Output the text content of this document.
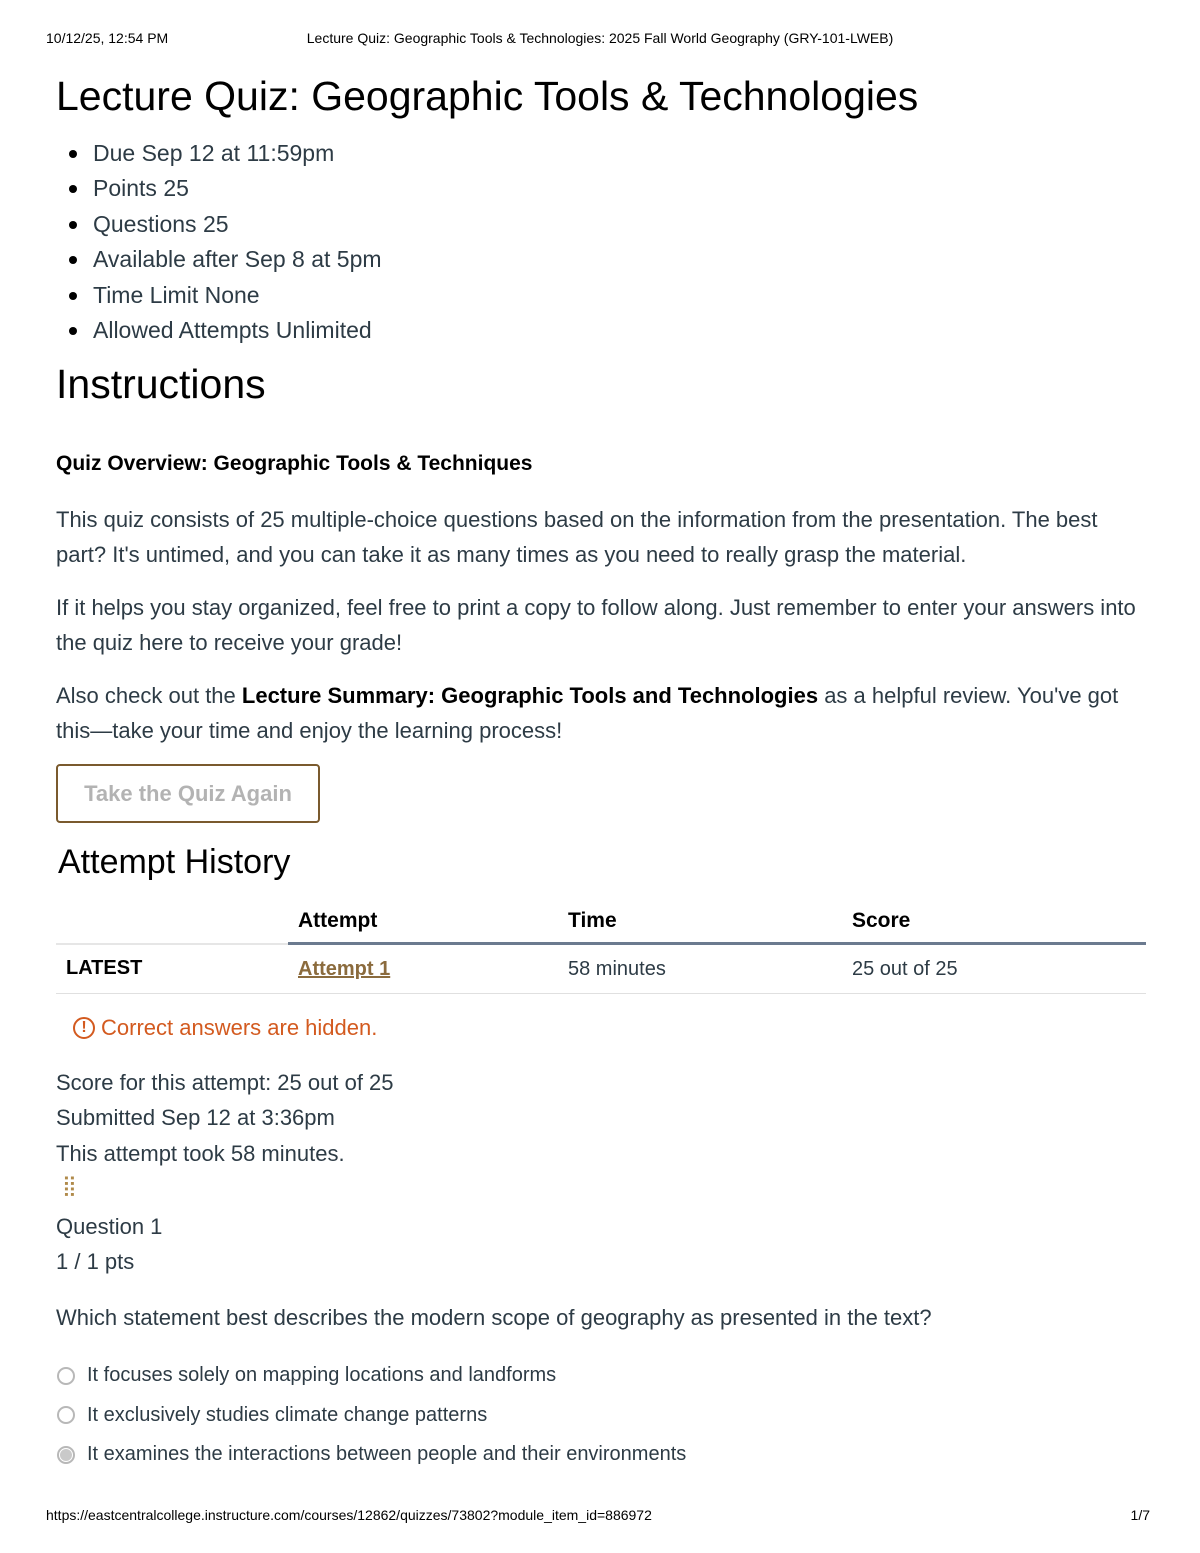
10/12/25, 12:54 PM	Lecture Quiz: Geographic Tools & Technologies: 2025 Fall World Geography (GRY-101-LWEB)
Lecture Quiz: Geographic Tools & Technologies
Due Sep 12 at 11:59pm
Points 25
Questions 25
Available after Sep 8 at 5pm
Time Limit None
Allowed Attempts Unlimited
Instructions
Quiz Overview: Geographic Tools & Techniques
This quiz consists of 25 multiple-choice questions based on the information from the presentation. The best part? It's untimed, and you can take it as many times as you need to really grasp the material.
If it helps you stay organized, feel free to print a copy to follow along. Just remember to enter your answers into the quiz here to receive your grade!
Also check out the Lecture Summary: Geographic Tools and Technologies as a helpful review. You've got this—take your time and enjoy the learning process!
Take the Quiz Again
Attempt History
	Attempt	Time	Score
LATEST	Attempt 1	58 minutes	25 out of 25
! Correct answers are hidden.
Score for this attempt: 25 out of 25
Submitted Sep 12 at 3:36pm
This attempt took 58 minutes.
⣿
Question 1
1 / 1 pts
Which statement best describes the modern scope of geography as presented in the text?
It focuses solely on mapping locations and landforms
It exclusively studies climate change patterns
It examines the interactions between people and their environments
https://eastcentralcollege.instructure.com/courses/12862/quizzes/73802?module_item_id=886972	1/7
